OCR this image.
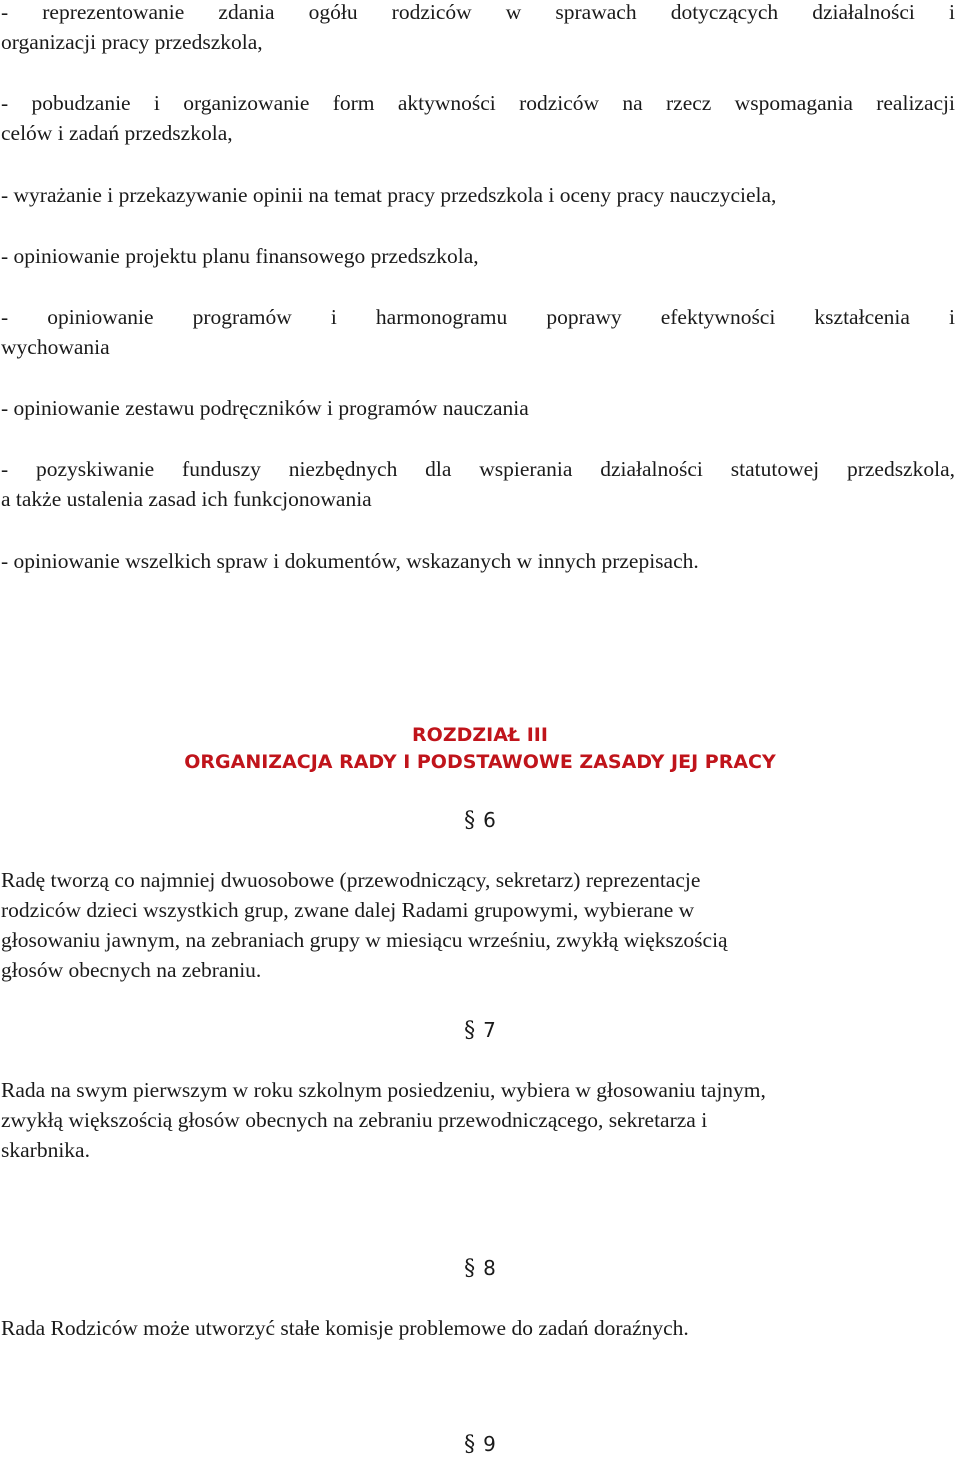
- reprezentowanie zdania ogółu rodziców w sprawach dotyczących działalności i
organizacji pracy przedszkola,
- pobudzanie i organizowanie form aktywności rodziców na rzecz wspomagania realizacji
celów i zadań przedszkola,
- wyrażanie i przekazywanie opinii na temat pracy przedszkola i oceny pracy nauczyciela,
- opiniowanie projektu planu finansowego przedszkola,
- opiniowanie programów i harmonogramu poprawy efektywności kształcenia i
wychowania
- opiniowanie zestawu podręczników i programów nauczania
- pozyskiwanie funduszy niezbędnych dla wspierania działalności statutowej przedszkola,
a także ustalenia zasad ich funkcjonowania
- opiniowanie wszelkich spraw i dokumentów, wskazanych w innych przepisach.
ROZDZIAŁ III
ORGANIZACJA RADY I PODSTAWOWE ZASADY JEJ PRACY
§ 6
Radę tworzą co najmniej dwuosobowe (przewodniczący, sekretarz) reprezentacje
rodziców dzieci wszystkich grup, zwane dalej Radami grupowymi, wybierane w
głosowaniu jawnym, na zebraniach grupy w miesiącu wrześniu, zwykłą większością
głosów obecnych na zebraniu.
§ 7
Rada na swym pierwszym w roku szkolnym posiedzeniu, wybiera w głosowaniu tajnym,
zwykłą większością głosów obecnych na zebraniu przewodniczącego, sekretarza i
skarbnika.
§ 8
Rada Rodziców może utworzyć stałe komisje problemowe do zadań doraźnych.
§ 9
